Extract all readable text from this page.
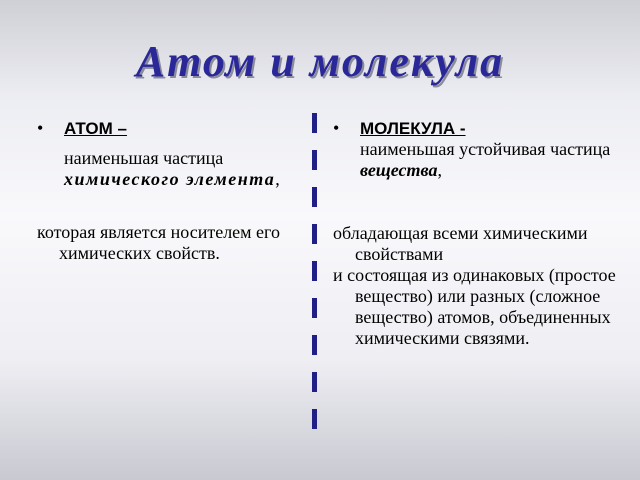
Атом и молекула
• АТОМ –
наименьшая частица
химического элемента,
которая является носителем его химических свойств.
• МОЛЕКУЛА -
наименьшая устойчивая частица вещества,
обладающая всеми химическими свойствами
и состоящая из одинаковых (простое вещество) или разных (сложное вещество) атомов, объединенных химическими связями.
